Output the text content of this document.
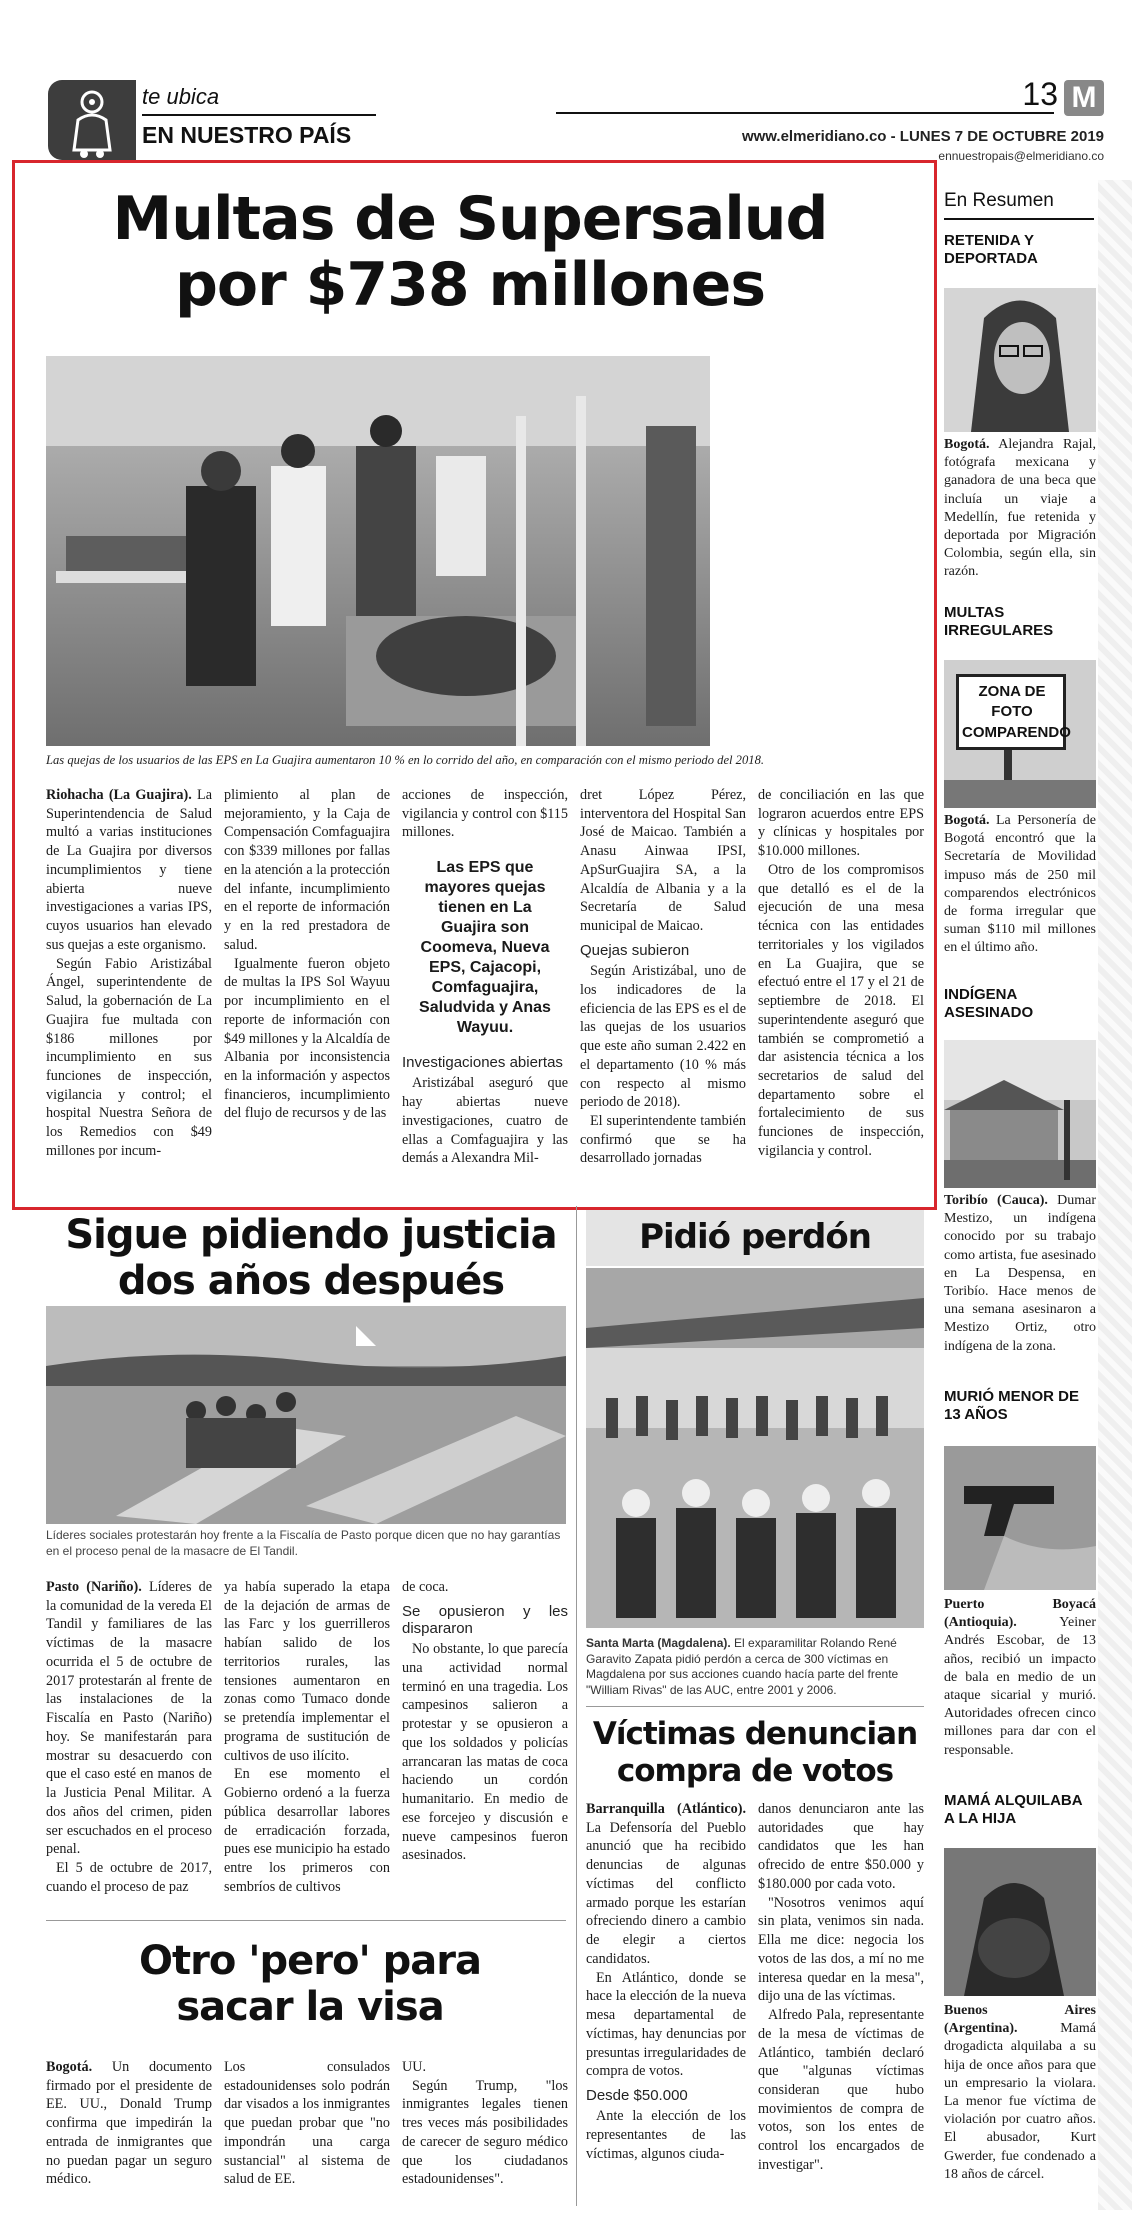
te ubica
EN NUESTRO PAÍS
13 M
www.elmeridiano.co - LUNES 7 DE OCTUBRE 2019
ennuestropais@elmeridiano.co
Multas de Supersalud por $738 millones
Las quejas de los usuarios de las EPS en La Guajira aumentaron 10 % en lo corrido del año, en comparación con el mismo periodo del 2018.

Riohacha (La Guajira). La Superintendencia de Salud multó a varias instituciones de La Guajira por diversos incumplimientos y tiene abierta nueve investigaciones a varias IPS, cuyos usuarios han elevado sus quejas a este organismo.

Según Fabio Aristizábal Ángel, superintendente de Salud, la gobernación de La Guajira fue multada con $186 millones por incumplimiento en sus funciones de inspección, vigilancia y control; el hospital Nuestra Señora de los Remedios con $49 millones por incum-

plimiento al plan de mejoramiento, y la Caja de Compensación Comfaguajira con $339 millones por fallas en la atención a la protección del infante, incumplimiento en el reporte de información y en la red prestadora de salud.

Igualmente fueron objeto de multas la IPS Sol Wayuu por incumplimiento en el reporte de información con $49 millones y la Alcaldía de Albania por inconsistencia en la información y aspectos financieros, incumplimiento del flujo de recursos y de las

acciones de inspección, vigilancia y control con $115 millones.

Las EPS que mayores quejas tienen en La Guajira son Coomeva, Nueva EPS, Cajacopi, Comfaguajira, Saludvida y Anas Wayuu.
Investigaciones abiertas

Aristizábal aseguró que hay abiertas nueve investigaciones, cuatro de ellas a Comfaguajira y las demás a Alexandra Mil-

dret López Pérez, interventora del Hospital San José de Maicao. También a Anasu Ainwaa IPSI, ApSurGuajira SA, a la Alcaldía de Albania y a la Secretaría de Salud municipal de Maicao.

Quejas subieron

Según Aristizábal, uno de los indicadores de la eficiencia de las EPS es el de las quejas de los usuarios que este año suman 2.422 en el departamento (10 % más con respecto al mismo periodo de 2018).

El superintendente también confirmó que se ha desarrollado jornadas

de conciliación en las que lograron acuerdos entre EPS y clínicas y hospitales por $10.000 millones.

Otro de los compromisos que detalló es el de la ejecución de una mesa técnica con las entidades territoriales y los vigilados en La Guajira, que se efectuó entre el 17 y el 21 de septiembre de 2018. El superintendente aseguró que también se comprometió a dar asistencia técnica a los secretarios de salud del departamento sobre el fortalecimiento de sus funciones de inspección, vigilancia y control.

Sigue pidiendo justicia dos años después
Líderes sociales protestarán hoy frente a la Fiscalía de Pasto porque dicen que no hay garantías en el proceso penal de la masacre de El Tandil.

Pasto (Nariño). Líderes de la comunidad de la vereda El Tandil y familiares de las víctimas de la masacre ocurrida el 5 de octubre de 2017 protestarán al frente de las instalaciones de la Fiscalía en Pasto (Nariño) hoy. Se manifestarán para mostrar su desacuerdo con que el caso esté en manos de la Justicia Penal Militar. A dos años del crimen, piden ser escuchados en el proceso penal.

El 5 de octubre de 2017, cuando el proceso de paz

ya había superado la etapa de la dejación de armas de las Farc y los guerrilleros habían salido de los territorios rurales, las tensiones aumentaron en zonas como Tumaco donde se pretendía implementar el programa de sustitución de cultivos de uso ilícito.

En ese momento el Gobierno ordenó a la fuerza pública desarrollar labores de erradicación forzada, pues ese municipio ha estado entre los primeros con sembríos de cultivos

de coca.

Se opusieron y les dispararon

No obstante, lo que parecía una actividad normal terminó en una tragedia. Los campesinos salieron a protestar y se opusieron a que los soldados y policías arrancaran las matas de coca haciendo un cordón humanitario. En medio de ese forcejeo y discusión e nueve campesinos fueron asesinados.

Otro 'pero' para sacar la visa

Bogotá. Un documento firmado por el presidente de EE. UU., Donald Trump confirma que impedirán la entrada de inmigrantes que no puedan pagar un seguro médico.

Los consulados estadounidenses solo podrán dar visados a los inmigrantes que puedan probar que "no impondrán una carga sustancial" al sistema de salud de EE.

UU.

Según Trump, "los inmigrantes legales tienen tres veces más posibilidades de carecer de seguro médico que los ciudadanos estadounidenses".

Pidió perdón
Santa Marta (Magdalena). El exparamilitar Rolando René Garavito Zapata pidió perdón a cerca de 300 víctimas en Magdalena por sus acciones cuando hacía parte del frente "William Rivas" de las AUC, entre 2001 y 2006.
Víctimas denuncian compra de votos

Barranquilla (Atlántico). La Defensoría del Pueblo anunció que ha recibido denuncias de algunas víctimas del conflicto armado porque les estarían ofreciendo dinero a cambio de elegir a ciertos candidatos.

En Atlántico, donde se hace la elección de la nueva mesa departamental de víctimas, hay denuncias por presuntas irregularidades de compra de votos.

Desde $50.000

Ante la elección de los representantes de las víctimas, algunos ciuda-

danos denunciaron ante las autoridades que hay candidatos que les han ofrecido de entre $50.000 y $180.000 por cada voto.

"Nosotros venimos aquí sin plata, venimos sin nada. Ella me dice: negocia los votos de las dos, a mí no me interesa quedar en la mesa", dijo una de las víctimas.

Alfredo Pala, representante de la mesa de víctimas de Atlántico, también declaró que "algunas víctimas consideran que hubo movimientos de compra de votos, son los entes de control los encargados de investigar".

En Resumen
RETENIDA Y DEPORTADA
Bogotá. Alejandra Rajal, fotógrafa mexicana y ganadora de una beca que incluía un viaje a Medellín, fue retenida y deportada por Migración Colombia, según ella, sin razón.
MULTAS IRREGULARES
ZONA DE FOTO COMPARENDO
Bogotá. La Personería de Bogotá encontró que la Secretaría de Movilidad impuso más de 250 mil comparendos electrónicos de forma irregular que suman $110 mil millones en el último año.
INDÍGENA ASESINADO
Toribío (Cauca). Dumar Mestizo, un indígena conocido por su trabajo como artista, fue asesinado en La Despensa, en Toribío. Hace menos de una semana asesinaron a Mestizo Ortiz, otro indígena de la zona.
MURIÓ MENOR DE 13 AÑOS
Puerto Boyacá (Antioquia).	Yeiner Andrés Escobar, de 13 años, recibió un impacto de bala en medio de un ataque sicarial y murió. Autoridades ofrecen cinco millones para dar con el responsable.
MAMÁ ALQUILABA A LA HIJA
Buenos Aires (Argentina).	Mamá drogadicta alquilaba a su hija de once años para que un empresario la violara. La menor fue víctima de violación por cuatro años. El abusador, Kurt Gwerder, fue condenado a 18 años de cárcel.
